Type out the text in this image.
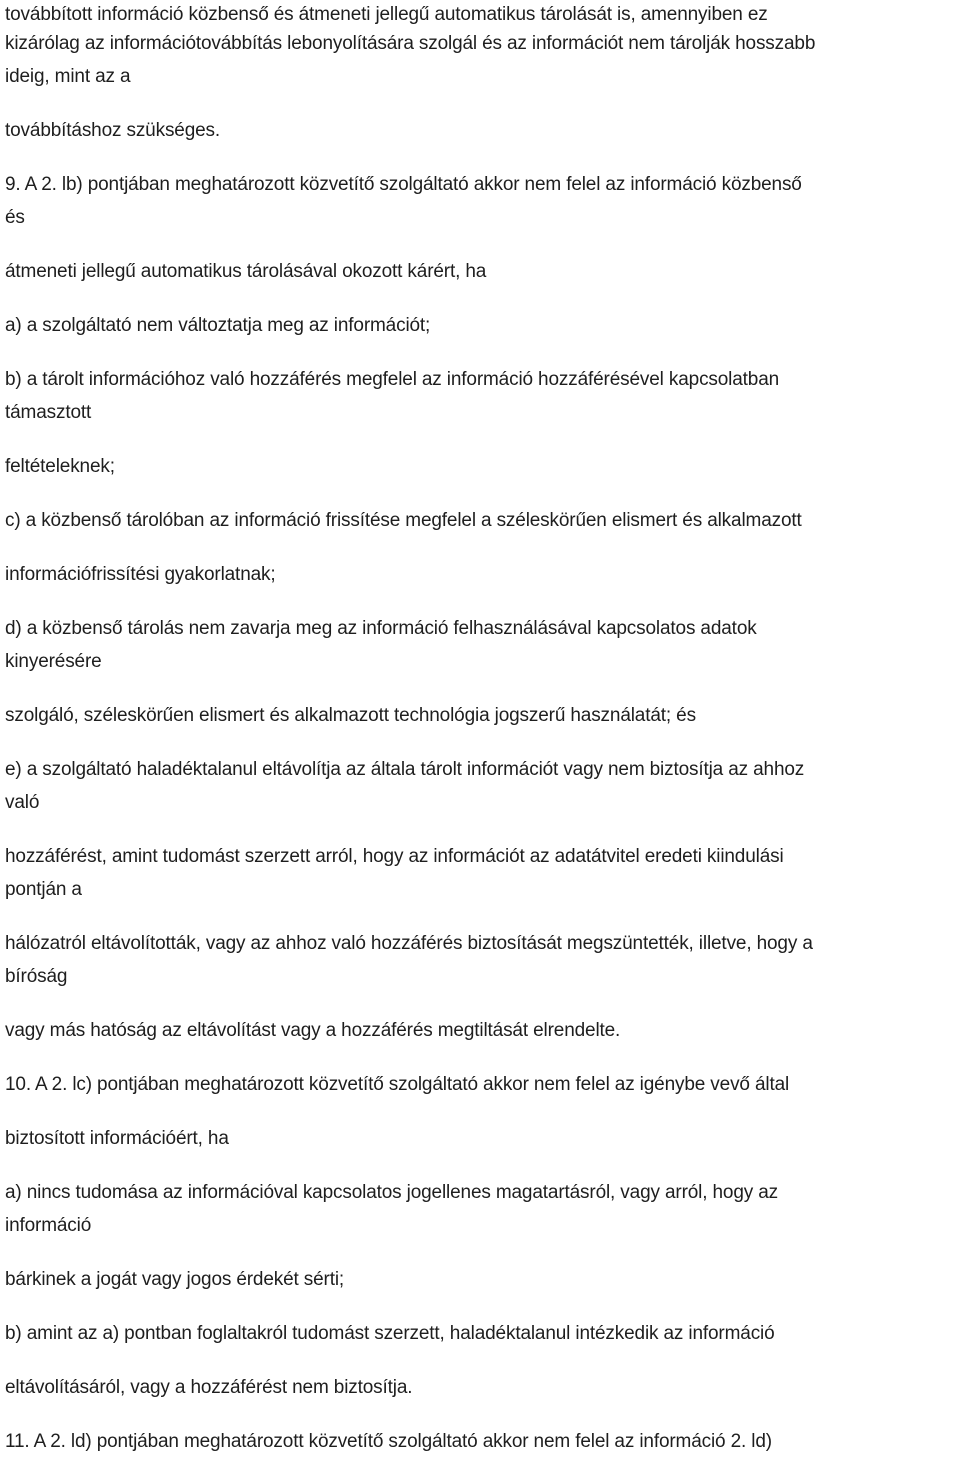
továbbított információ közbenső és átmeneti jellegű automatikus tárolását is, amennyiben ez
kizárólag az információtovábbítás lebonyolítására szolgál és az információt nem tárolják hosszabb
ideig, mint az a
továbbításhoz szükséges.
9. A 2. lb) pontjában meghatározott közvetítő szolgáltató akkor nem felel az információ közbenső
és
átmeneti jellegű automatikus tárolásával okozott kárért, ha
a) a szolgáltató nem változtatja meg az információt;
b) a tárolt információhoz való hozzáférés megfelel az információ hozzáférésével kapcsolatban
támasztott
feltételeknek;
c) a közbenső tárolóban az információ frissítése megfelel a széleskörűen elismert és alkalmazott
információfrissítési gyakorlatnak;
d) a közbenső tárolás nem zavarja meg az információ felhasználásával kapcsolatos adatok
kinyerésére
szolgáló, széleskörűen elismert és alkalmazott technológia jogszerű használatát; és
e) a szolgáltató haladéktalanul eltávolítja az általa tárolt információt vagy nem biztosítja az ahhoz
való
hozzáférést, amint tudomást szerzett arról, hogy az információt az adatátvitel eredeti kiindulási
pontján a
hálózatról eltávolították, vagy az ahhoz való hozzáférés biztosítását megszüntették, illetve, hogy a
bíróság
vagy más hatóság az eltávolítást vagy a hozzáférés megtiltását elrendelte.
10. A 2. lc) pontjában meghatározott közvetítő szolgáltató akkor nem felel az igénybe vevő által
biztosított információért, ha
a) nincs tudomása az információval kapcsolatos jogellenes magatartásról, vagy arról, hogy az
információ
bárkinek a jogát vagy jogos érdekét sérti;
b) amint az a) pontban foglaltakról tudomást szerzett, haladéktalanul intézkedik az információ
eltávolításáról, vagy a hozzáférést nem biztosítja.
11. A 2. ld) pontjában meghatározott közvetítő szolgáltató akkor nem felel az információ 2. ld)
